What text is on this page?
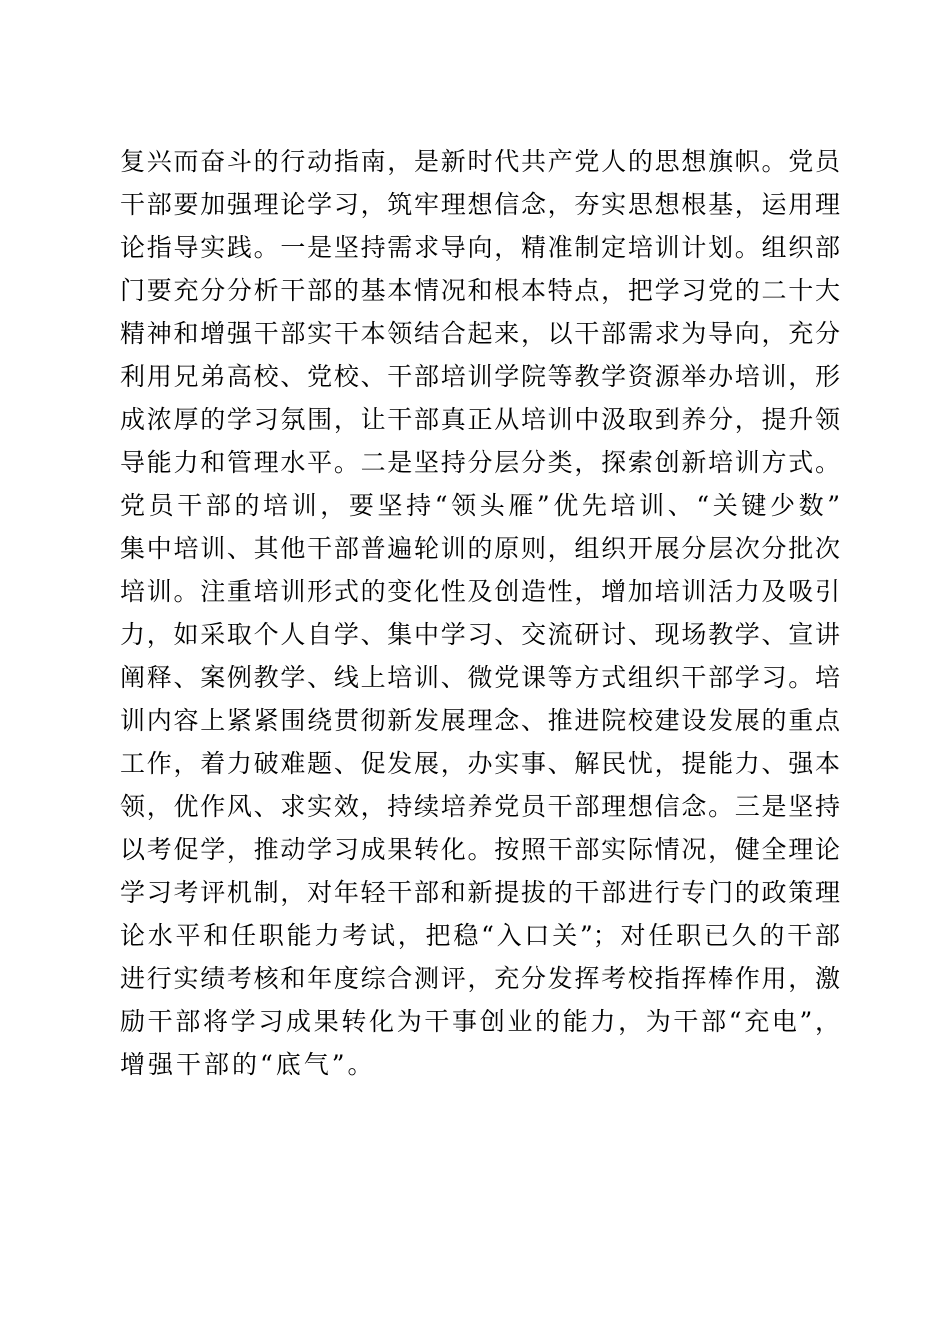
复兴而奋斗的行动指南，是新时代共产党人的思想旗帜。党员
干部要加强理论学习，筑牢理想信念，夯实思想根基，运用理
论指导实践。一是坚持需求导向，精准制定培训计划。组织部
门要充分分析干部的基本情况和根本特点，把学习党的二十大
精神和增强干部实干本领结合起来，以干部需求为导向，充分
利用兄弟高校、党校、干部培训学院等教学资源举办培训，形
成浓厚的学习氛围，让干部真正从培训中汲取到养分，提升领
导能力和管理水平。二是坚持分层分类，探索创新培训方式。
党员干部的培训，要坚持“领头雁”优先培训、“关键少数”
集中培训、其他干部普遍轮训的原则，组织开展分层次分批次
培训。注重培训形式的变化性及创造性，增加培训活力及吸引
力，如采取个人自学、集中学习、交流研讨、现场教学、宣讲
阐释、案例教学、线上培训、微党课等方式组织干部学习。培
训内容上紧紧围绕贯彻新发展理念、推进院校建设发展的重点
工作，着力破难题、促发展，办实事、解民忧，提能力、强本
领，优作风、求实效，持续培养党员干部理想信念。三是坚持
以考促学，推动学习成果转化。按照干部实际情况，健全理论
学习考评机制，对年轻干部和新提拔的干部进行专门的政策理
论水平和任职能力考试，把稳“入口关”；对任职已久的干部
进行实绩考核和年度综合测评，充分发挥考校指挥棒作用，激
励干部将学习成果转化为干事创业的能力，为干部“充电”，
增强干部的“底气”。
